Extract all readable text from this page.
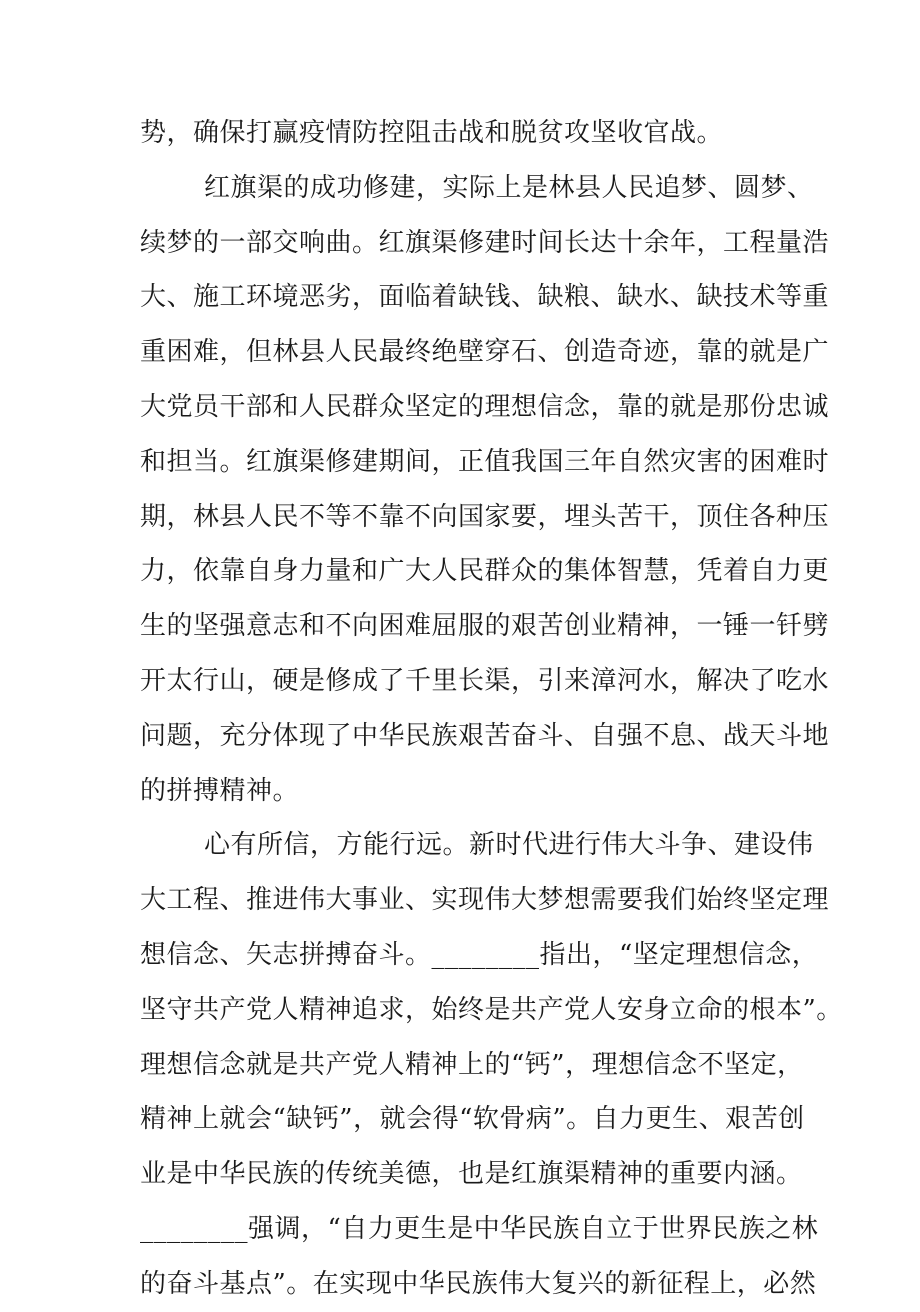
势，确保打赢疫情防控阻击战和脱贫攻坚收官战。
红旗渠的成功修建，实际上是林县人民追梦、圆梦、
续梦的一部交响曲。红旗渠修建时间长达十余年，工程量浩
大、施工环境恶劣，面临着缺钱、缺粮、缺水、缺技术等重
重困难，但林县人民最终绝壁穿石、创造奇迹，靠的就是广
大党员干部和人民群众坚定的理想信念，靠的就是那份忠诚
和担当。红旗渠修建期间，正值我国三年自然灾害的困难时
期，林县人民不等不靠不向国家要，埋头苦干，顶住各种压
力，依靠自身力量和广大人民群众的集体智慧，凭着自力更
生的坚强意志和不向困难屈服的艰苦创业精神，一锤一钎劈
开太行山，硬是修成了千里长渠，引来漳河水，解决了吃水
问题，充分体现了中华民族艰苦奋斗、自强不息、战天斗地
的拼搏精神。
心有所信，方能行远。新时代进行伟大斗争、建设伟
大工程、推进伟大事业、实现伟大梦想需要我们始终坚定理
想信念、矢志拼搏奋斗。________指出，“坚定理想信念，
坚守共产党人精神追求，始终是共产党人安身立命的根本”。
理想信念就是共产党人精神上的“钙”，理想信念不坚定，
精神上就会“缺钙”，就会得“软骨病”。自力更生、艰苦创
业是中华民族的传统美德，也是红旗渠精神的重要内涵。
________强调，“自力更生是中华民族自立于世界民族之林
的奋斗基点”。在实现中华民族伟大复兴的新征程上，必然
